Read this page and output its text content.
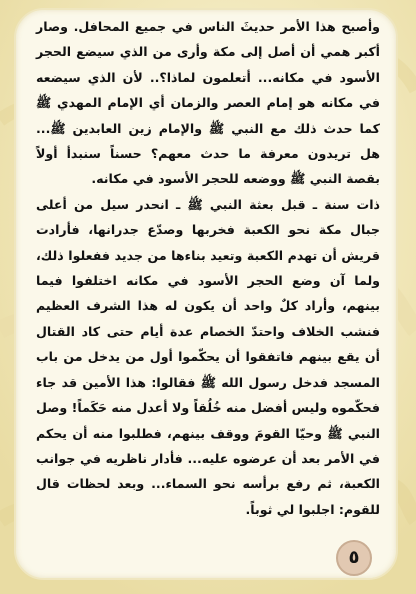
وأصبح هذا الأمر حديثَ الناس في جميع المحافل. وصار أكبر همي أن أصل إلى مكة وأرى من الذي سيضع الحجر الأسود في مكانه... أتعلمون لماذا؟.. لأن الذي سيضعه في مكانه هو إمام العصر والزمان أي الإمام المهدي ﷺ كما حدث ذلك مع النبي ﷺ والإمام زين العابدين ﷺ... هل تريدون معرفة ما حدث معهم؟ حسناً سنبدأ أولاً بقصة النبي ﷺ ووضعه للحجر الأسود في مكانه.

ذات سنة ـ قبل بعثة النبي ﷺ ـ انحدر سيل من أعلى جبال مكة نحو الكعبة فخربها وصدّع جدرانها، فأرادت قريش أن تهدم الكعبة وتعيد بناءها من جديد ففعلوا ذلك، ولما آن وضع الحجر الأسود في مكانه اختلفوا فيما بينهم، وأراد كلٌ واحد أن يكون له هذا الشرف العظيم فنشب الخلاف واحتدّ الخصام عدة أيام حتى كاد القتال أن يقع بينهم فاتفقوا أن يحكّموا أول من يدخل من باب المسجد فدخل رسول الله ﷺ فقالوا: هذا الأمين قد جاء فحكّموه وليس أفضل منه خُلُقاً ولا أعدل منه حَكَماً! وصل النبي ﷺ وحيّا القومَ ووقف بينهم، فطلبوا منه أن يحكم في الأمر بعد أن عرضوه عليه... فأدار ناظريه في جوانب الكعبة، ثم رفع برأسه نحو السماء... وبعد لحظات قال للقوم: اجلبوا لي ثوباً.

٥
